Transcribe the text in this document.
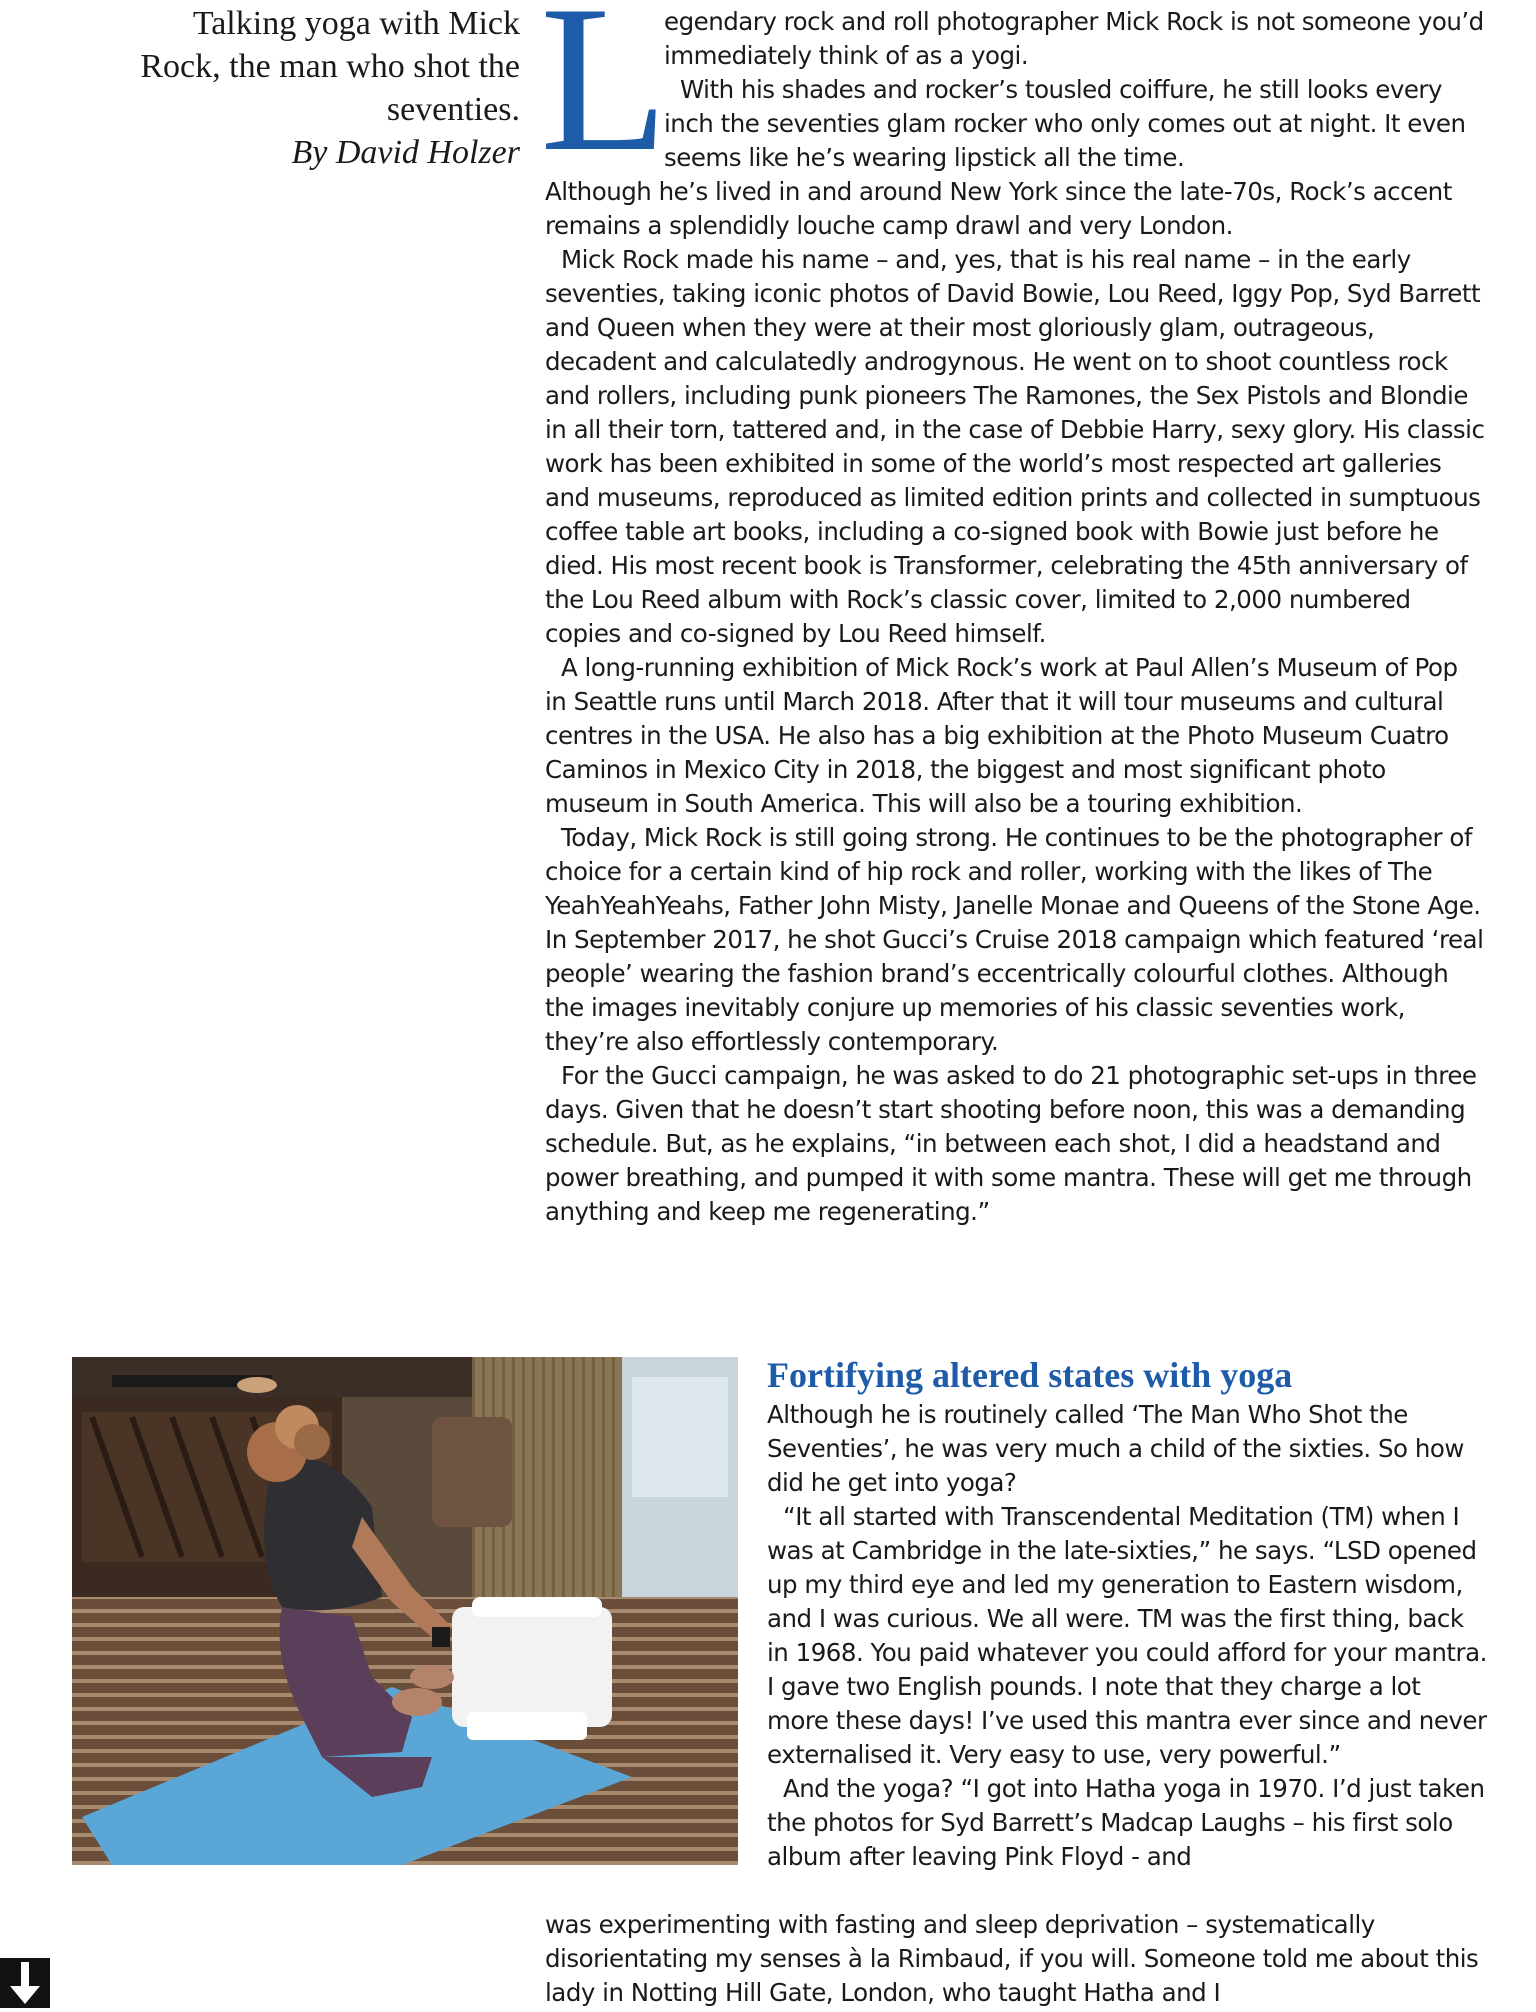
Talking yoga with Mick Rock, the man who shot the seventies.

By David Holzer L

egendary rock and roll photographer Mick Rock is not someone you’d immediately think of as a yogi.

With his shades and rocker’s tousled coiffure, he still looks every inch the seventies glam rocker who only comes out at night. It even seems like he’s wearing lipstick all the time.

Although he’s lived in and around New York since the late-70s, Rock’s accent remains a splendidly louche camp drawl and very London.

Mick Rock made his name – and, yes, that is his real name – in the early seventies, taking iconic photos of David Bowie, Lou Reed, Iggy Pop, Syd Barrett and Queen when they were at their most gloriously glam, outrageous, decadent and calculatedly androgynous. He went on to shoot countless rock and rollers, including punk pioneers The Ramones, the Sex Pistols and Blondie in all their torn, tattered and, in the case of Debbie Harry, sexy glory. His classic work has been exhibited in some of the world’s most respected art galleries and museums, reproduced as limited edition prints and collected in sumptuous coffee table art books, including a co-signed book with Bowie just before he died. His most recent book is Transformer, celebrating the 45th anniversary of the Lou Reed album with Rock’s classic cover, limited to 2,000 numbered copies and co-signed by Lou Reed himself.

A long-running exhibition of Mick Rock’s work at Paul Allen’s Museum of Pop in Seattle runs until March 2018. After that it will tour museums and cultural centres in the USA. He also has a big exhibition at the Photo Museum Cuatro Caminos in Mexico City in 2018, the biggest and most significant photo museum in South America. This will also be a touring exhibition.

Today, Mick Rock is still going strong. He continues to be the photographer of choice for a certain kind of hip rock and roller, working with the likes of The YeahYeahYeahs, Father John Misty, Janelle Monae and Queens of the Stone Age. In September 2017, he shot Gucci’s Cruise 2018 campaign which featured ‘real people’ wearing the fashion brand’s eccentrically colourful clothes. Although the images inevitably conjure up memories of his classic seventies work, they’re also effortlessly contemporary.

For the Gucci campaign, he was asked to do 21 photographic set-ups in three days. Given that he doesn’t start shooting before noon, this was a demanding schedule. But, as he explains, “in between each shot, I did a headstand and power breathing, and pumped it with some mantra. These will get me through anything and keep me regenerating.”

Fortifying altered states with yoga

Although he is routinely called ‘The Man Who Shot the Seventies’, he was very much a child of the sixties. So how did he get into yoga?

“It all started with Transcendental Meditation (TM) when I was at Cambridge in the late-sixties,” he says. “LSD opened up my third eye and led my generation to Eastern wisdom, and I was curious. We all were. TM was the first thing, back in 1968. You paid whatever you could afford for your mantra. I gave two English pounds. I note that they charge a lot more these days! I’ve used this mantra ever since and never externalised it. Very easy to use, very powerful.”

And the yoga? “I got into Hatha yoga in 1970. I’d just taken the photos for Syd Barrett’s Madcap Laughs – his first solo album after leaving Pink Floyd - and

was experimenting with fasting and sleep deprivation – systematically disorientating my senses à la Rimbaud, if you will. Someone told me about this lady in Notting Hill Gate, London, who taught Hatha and I
